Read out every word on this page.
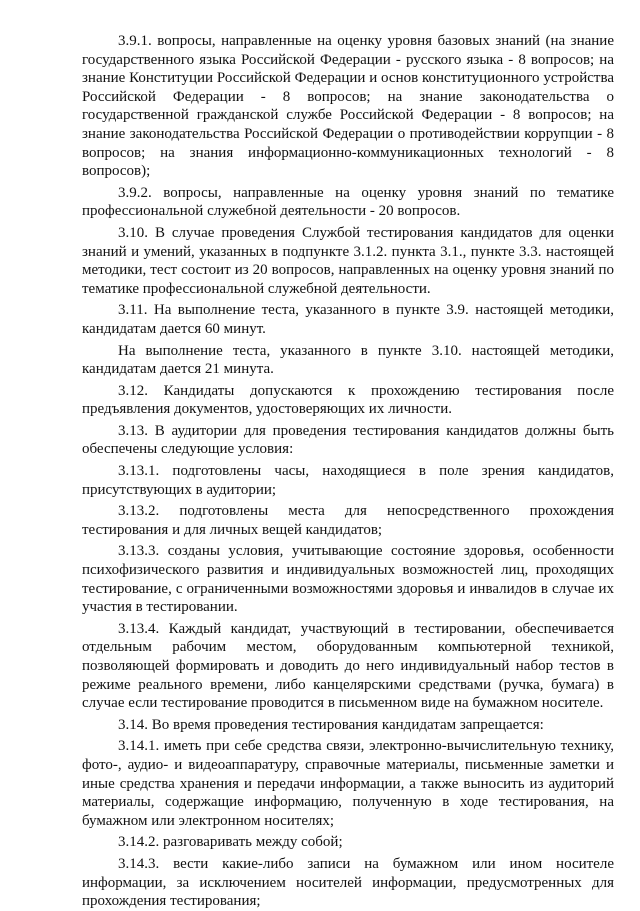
3.9.1. вопросы, направленные на оценку уровня базовых знаний (на знание государственного языка Российской Федерации - русского языка - 8 вопросов; на знание Конституции Российской Федерации и основ конституционного устройства Российской Федерации - 8 вопросов; на знание законодательства о государственной гражданской службе Российской Федерации - 8 вопросов; на знание законодательства Российской Федерации о противодействии коррупции - 8 вопросов; на знания информационно-коммуникационных технологий - 8 вопросов);

3.9.2. вопросы, направленные на оценку уровня знаний по тематике профессиональной служебной деятельности - 20 вопросов.

3.10. В случае проведения Службой тестирования кандидатов для оценки знаний и умений, указанных в подпункте 3.1.2. пункта 3.1., пункте 3.3. настоящей методики, тест состоит из 20 вопросов, направленных на оценку уровня знаний по тематике профессиональной служебной деятельности.

3.11. На выполнение теста, указанного в пункте 3.9. настоящей методики, кандидатам дается 60 минут.

На выполнение теста, указанного в пункте 3.10. настоящей методики, кандидатам дается 21 минута.

3.12. Кандидаты допускаются к прохождению тестирования после предъявления документов, удостоверяющих их личности.

3.13. В аудитории для проведения тестирования кандидатов должны быть обеспечены следующие условия:

3.13.1. подготовлены часы, находящиеся в поле зрения кандидатов, присутствующих в аудитории;

3.13.2. подготовлены места для непосредственного прохождения тестирования и для личных вещей кандидатов;

3.13.3. созданы условия, учитывающие состояние здоровья, особенности психофизического развития и индивидуальных возможностей лиц, проходящих тестирование, с ограниченными возможностями здоровья и инвалидов в случае их участия в тестировании.

3.13.4. Каждый кандидат, участвующий в тестировании, обеспечивается отдельным рабочим местом, оборудованным компьютерной техникой, позволяющей формировать и доводить до него индивидуальный набор тестов в режиме реального времени, либо канцелярскими средствами (ручка, бумага) в случае если тестирование проводится в письменном виде на бумажном носителе.

3.14. Во время проведения тестирования кандидатам запрещается:

3.14.1. иметь при себе средства связи, электронно-вычислительную технику, фото-, аудио- и видеоаппаратуру, справочные материалы, письменные заметки и иные средства хранения и передачи информации, а также выносить из аудиторий материалы, содержащие информацию, полученную в ходе тестирования, на бумажном или электронном носителях;

3.14.2. разговаривать между собой;

3.14.3. вести какие-либо записи на бумажном или ином носителе информации, за исключением носителей информации, предусмотренных для прохождения тестирования;
